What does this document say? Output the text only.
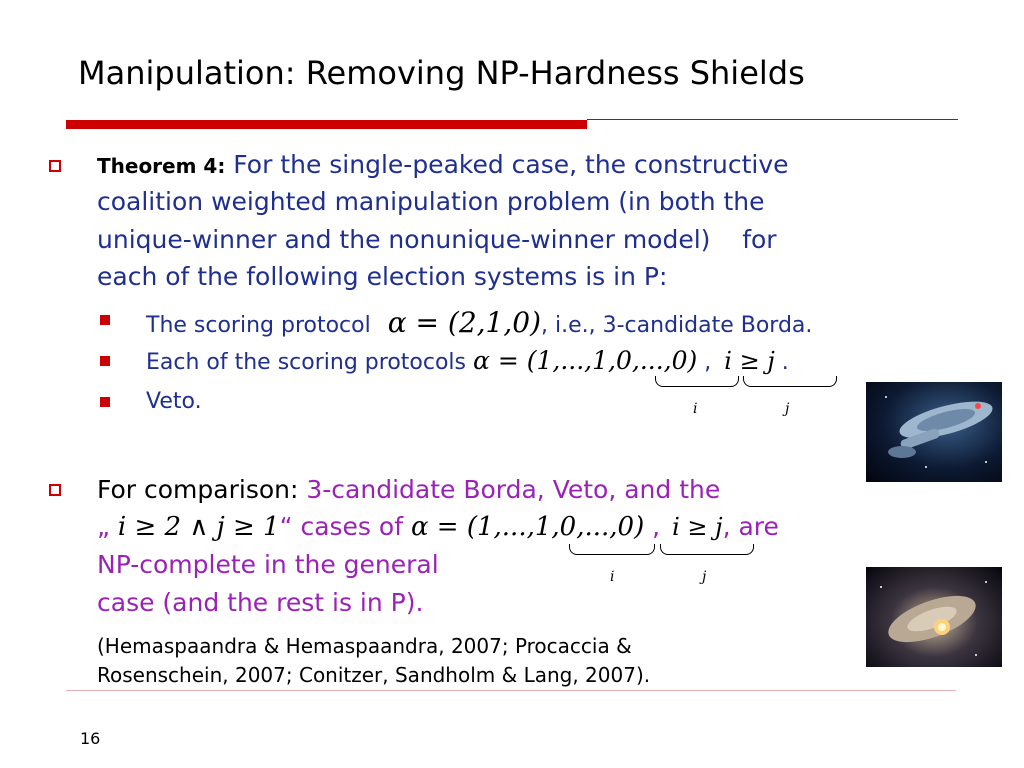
Manipulation: Removing NP-Hardness Shields
Theorem 4: For the single-peaked case, the constructive
coalition weighted manipulation problem (in both the
unique-winner and the nonunique-winner model)    for
each of the following election systems is in P:
The scoring protocol α = (2,1,0), i.e., 3-candidate Borda.
Each of the scoring protocols α = (1,...,1,0,...,0) , i ≥ j .
i	j
Veto.
For comparison: 3-candidate Borda, Veto, and the
„ i ≥ 2 ∧ j ≥ 1“ cases of α = (1,...,1,0,...,0) , i ≥ j, are
i	j
NP-complete in the general
case (and the rest is in P).
(Hemaspaandra & Hemaspaandra, 2007; Procaccia &
Rosenschein, 2007; Conitzer, Sandholm & Lang, 2007).
16
